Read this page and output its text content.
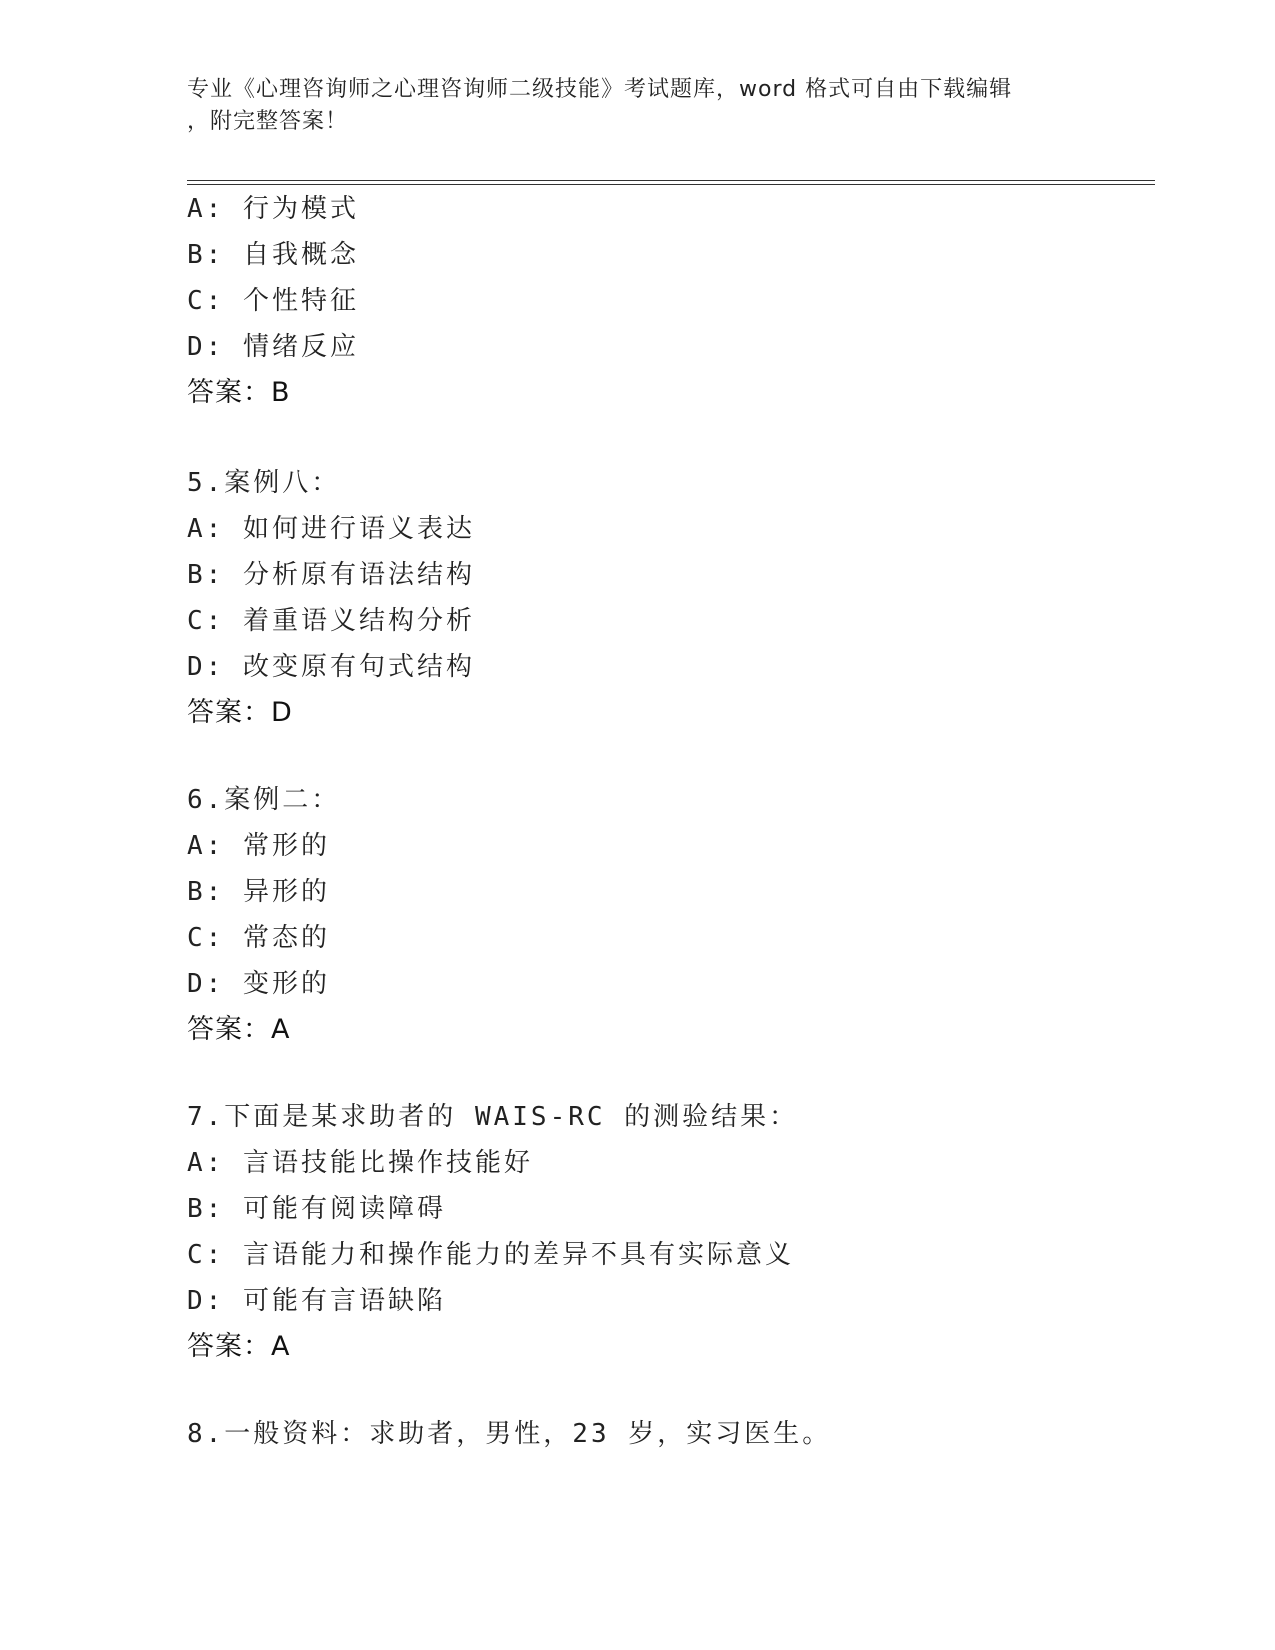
专业《心理咨询师之心理咨询师二级技能》考试题库，word 格式可自由下载编辑
，附完整答案！
A: 行为模式
B: 自我概念
C: 个性特征
D: 情绪反应
答案：B
5.案例八：
A: 如何进行语义表达
B: 分析原有语法结构
C: 着重语义结构分析
D: 改变原有句式结构
答案：D
6.案例二：
A: 常形的
B: 异形的
C: 常态的
D: 变形的
答案：A
7.下面是某求助者的 WAIS-RC 的测验结果：
A: 言语技能比操作技能好
B: 可能有阅读障碍
C: 言语能力和操作能力的差异不具有实际意义
D: 可能有言语缺陷
答案：A
8.一般资料：求助者，男性，23 岁，实习医生。
